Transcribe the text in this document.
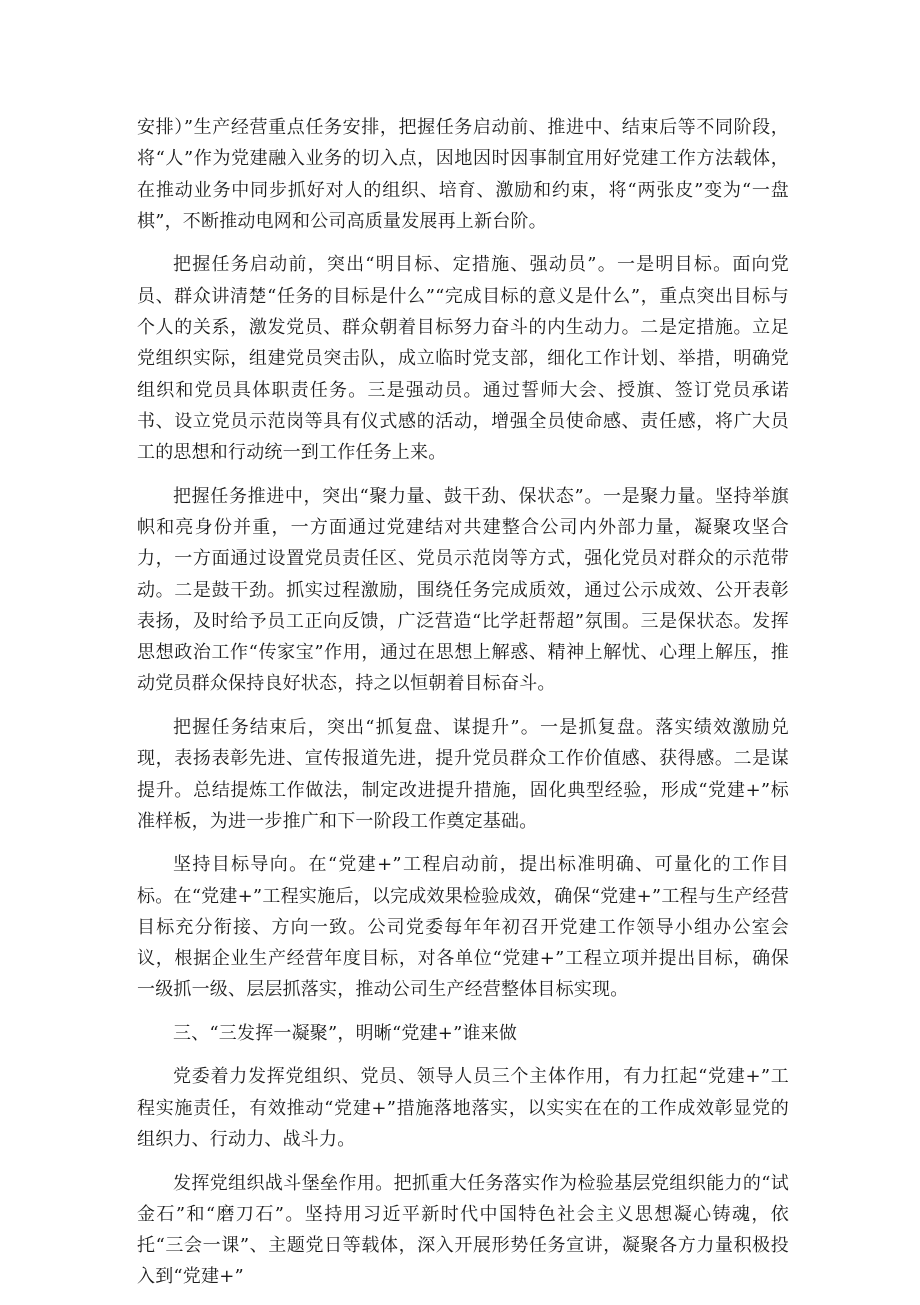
安排）”生产经营重点任务安排，把握任务启动前、推进中、结束后等不同阶段，将“人”作为党建融入业务的切入点，因地因时因事制宜用好党建工作方法载体，在推动业务中同步抓好对人的组织、培育、激励和约束，将“两张皮”变为“一盘棋”，不断推动电网和公司高质量发展再上新台阶。

把握任务启动前，突出“明目标、定措施、强动员”。一是明目标。面向党员、群众讲清楚“任务的目标是什么”“完成目标的意义是什么”，重点突出目标与个人的关系，激发党员、群众朝着目标努力奋斗的内生动力。二是定措施。立足党组织实际，组建党员突击队，成立临时党支部，细化工作计划、举措，明确党组织和党员具体职责任务。三是强动员。通过誓师大会、授旗、签订党员承诺书、设立党员示范岗等具有仪式感的活动，增强全员使命感、责任感，将广大员工的思想和行动统一到工作任务上来。

把握任务推进中，突出“聚力量、鼓干劲、保状态”。一是聚力量。坚持举旗帜和亮身份并重，一方面通过党建结对共建整合公司内外部力量，凝聚攻坚合力，一方面通过设置党员责任区、党员示范岗等方式，强化党员对群众的示范带动。二是鼓干劲。抓实过程激励，围绕任务完成质效，通过公示成效、公开表彰表扬，及时给予员工正向反馈，广泛营造“比学赶帮超”氛围。三是保状态。发挥思想政治工作“传家宝”作用，通过在思想上解惑、精神上解忧、心理上解压，推动党员群众保持良好状态，持之以恒朝着目标奋斗。

把握任务结束后，突出“抓复盘、谋提升”。一是抓复盘。落实绩效激励兑现，表扬表彰先进、宣传报道先进，提升党员群众工作价值感、获得感。二是谋提升。总结提炼工作做法，制定改进提升措施，固化典型经验，形成“党建+”标准样板，为进一步推广和下一阶段工作奠定基础。

坚持目标导向。在“党建+”工程启动前，提出标准明确、可量化的工作目标。在“党建+”工程实施后，以完成效果检验成效，确保“党建+”工程与生产经营目标充分衔接、方向一致。公司党委每年年初召开党建工作领导小组办公室会议，根据企业生产经营年度目标，对各单位“党建+”工程立项并提出目标，确保一级抓一级、层层抓落实，推动公司生产经营整体目标实现。

三、“三发挥一凝聚”，明晰“党建+”谁来做

党委着力发挥党组织、党员、领导人员三个主体作用，有力扛起“党建+”工程实施责任，有效推动“党建+”措施落地落实，以实实在在的工作成效彰显党的组织力、行动力、战斗力。

发挥党组织战斗堡垒作用。把抓重大任务落实作为检验基层党组织能力的“试金石”和“磨刀石”。坚持用习近平新时代中国特色社会主义思想凝心铸魂，依托“三会一课”、主题党日等载体，深入开展形势任务宣讲，凝聚各方力量积极投入到“党建+”
